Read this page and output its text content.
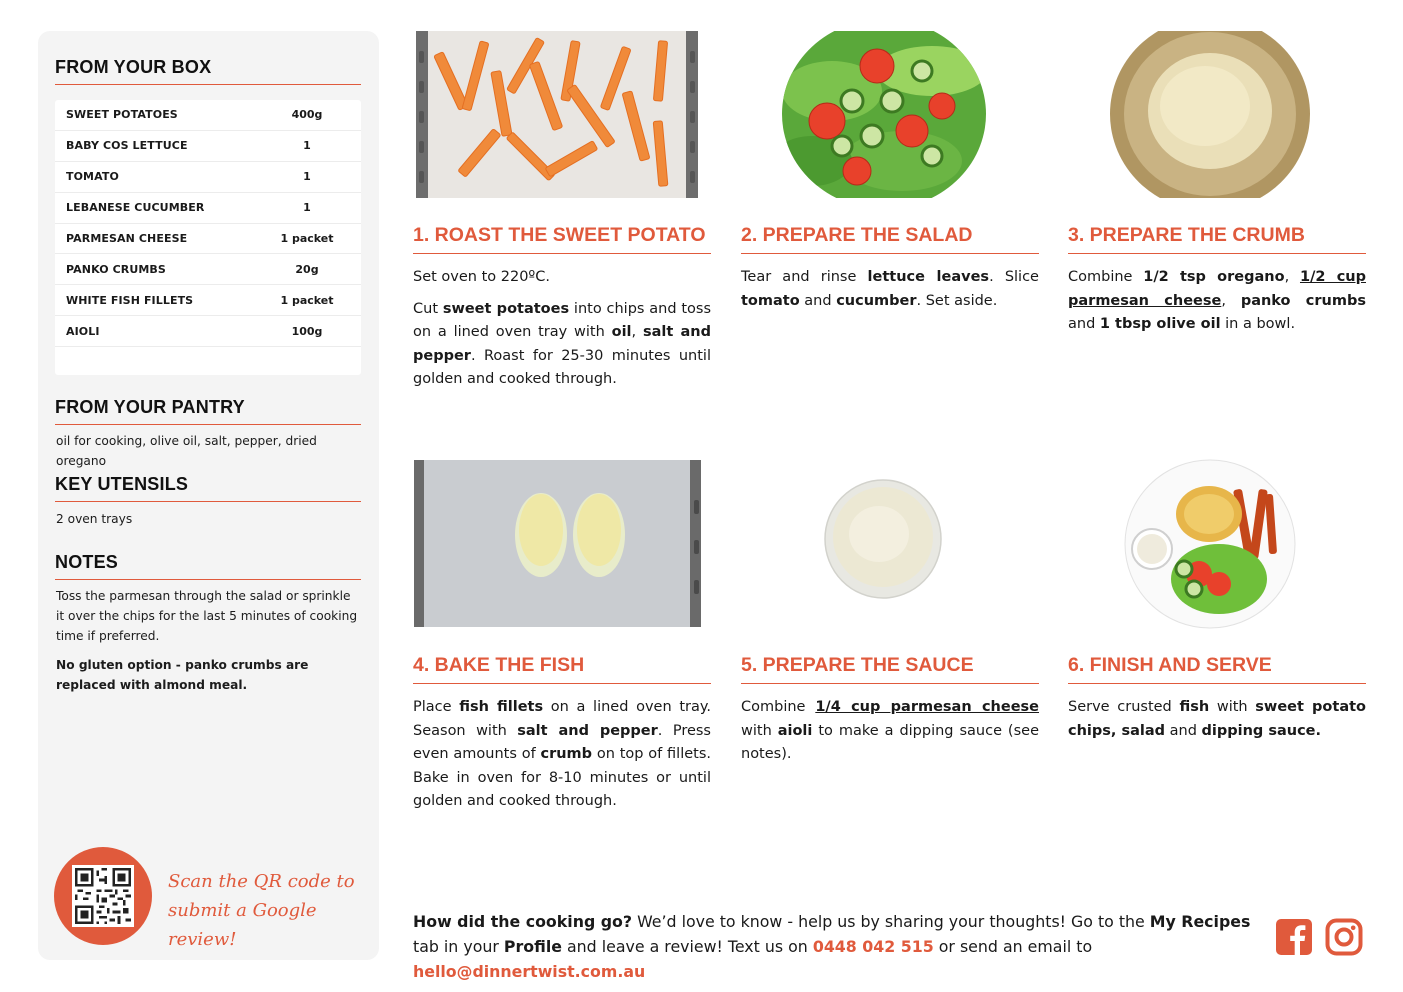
FROM YOUR BOX
SWEET POTATOES	400g
BABY COS LETTUCE	1
TOMATO	1
LEBANESE CUCUMBER	1
PARMESAN CHEESE	1 packet
PANKO CRUMBS	20g
WHITE FISH FILLETS	1 packet
AIOLI	100g
FROM YOUR PANTRY
oil for cooking, olive oil, salt, pepper, dried oregano
KEY UTENSILS
2 oven trays
NOTES
Toss the parmesan through the salad or sprinkle it over the chips for the last 5 minutes of cooking time if preferred.
No gluten option - panko crumbs are replaced with almond meal.
Scan the QR code to
submit a Google review!
1. ROAST THE SWEET POTATO

Set oven to 220ºC.

Cut sweet potatoes into chips and toss on a lined oven tray with oil, salt and pepper. Roast for 25-30 minutes until golden and cooked through.

2. PREPARE THE SALAD

Tear and rinse lettuce leaves. Slice tomato and cucumber. Set aside.

3. PREPARE THE CRUMB

Combine 1/2 tsp oregano, 1/2 cup parmesan cheese, panko crumbs and 1 tbsp olive oil in a bowl.

4. BAKE THE FISH

Place fish fillets on a lined oven tray. Season with salt and pepper. Press even amounts of crumb on top of fillets. Bake in oven for 8-10 minutes or until golden and cooked through.

5. PREPARE THE SAUCE

Combine 1/4 cup parmesan cheese with aioli to make a dipping sauce (see notes).

6. FINISH AND SERVE

Serve crusted fish with sweet potato chips, salad and dipping sauce.

How did the cooking go? We’d love to know - help us by sharing your thoughts! Go to the My Recipes tab in your Profile and leave a review! Text us on 0448 042 515 or send an email to hello@dinnertwist.com.au
